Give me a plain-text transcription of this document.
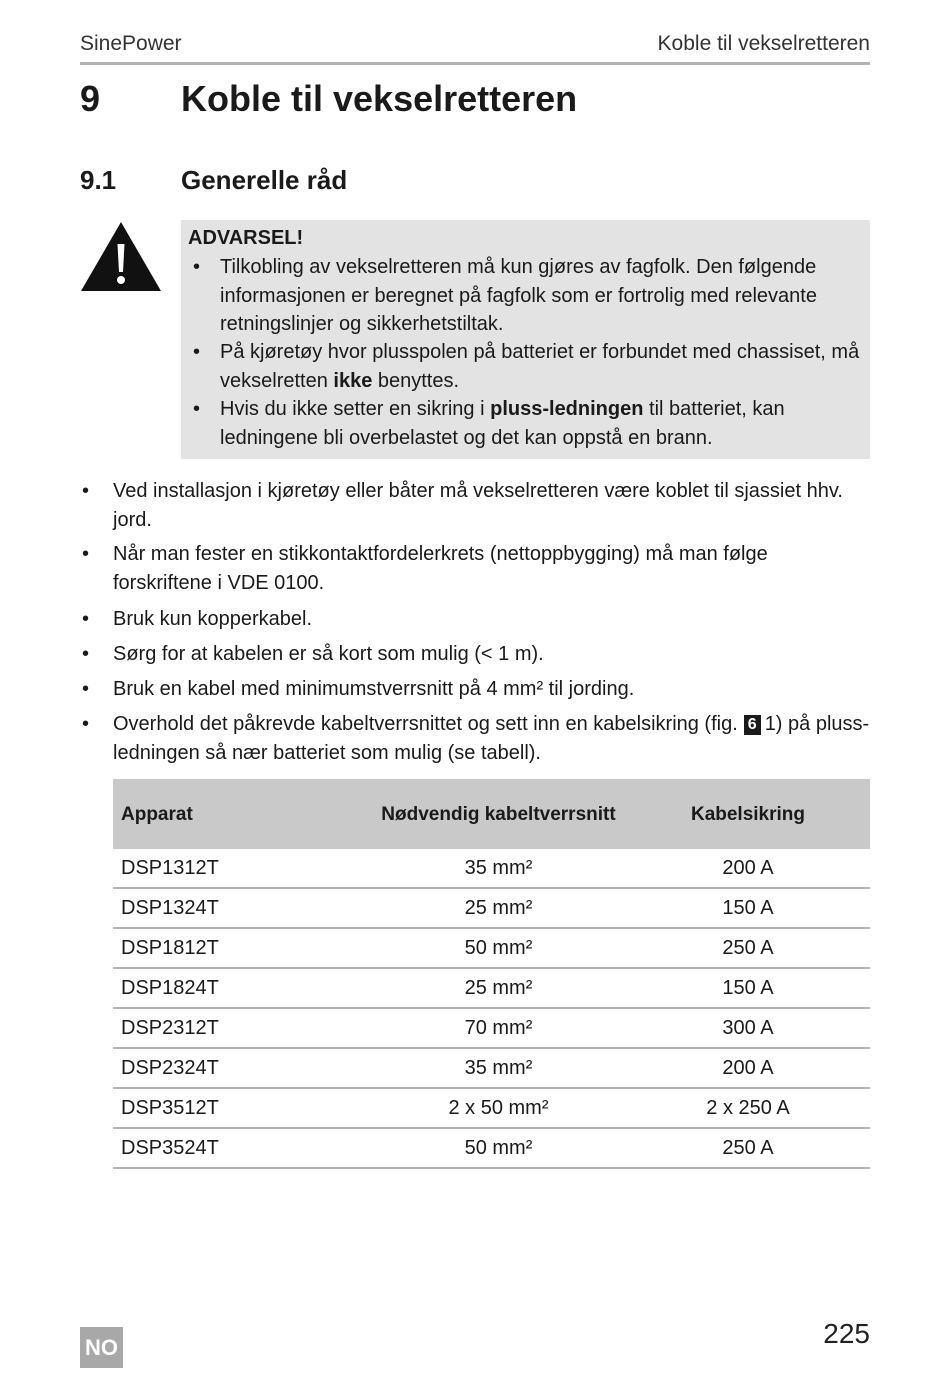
SinePower	Koble til vekselretteren
9 Koble til vekselretteren
9.1 Generelle råd
ADVARSEL!
• Tilkobling av vekselretteren må kun gjøres av fagfolk. Den følgende informasjonen er beregnet på fagfolk som er fortrolig med relevante retningslinjer og sikkerhetstiltak.
• På kjøretøy hvor plusspolen på batteriet er forbundet med chassiset, må vekselretten ikke benyttes.
• Hvis du ikke setter en sikring i pluss-ledningen til batteriet, kan ledningene bli overbelastet og det kan oppstå en brann.
• Ved installasjon i kjøretøy eller båter må vekselretteren være koblet til sjassiet hhv. jord.
• Når man fester en stikkontaktfordelerkrets (nettoppbygging) må man følge forskriftene i VDE 0100.
• Bruk kun kopperkabel.
• Sørg for at kabelen er så kort som mulig (< 1 m).
• Bruk en kabel med minimumstverrsnitt på 4 mm² til jording.
• Overhold det påkrevde kabeltverrsnittet og sett inn en kabelsikring (fig. 6 1) på pluss-ledningen så nær batteriet som mulig (se tabell).
Apparat	Nødvendig kabeltverrsnitt	Kabelsikring
DSP1312T	35 mm²	200 A
DSP1324T	25 mm²	150 A
DSP1812T	50 mm²	250 A
DSP1824T	25 mm²	150 A
DSP2312T	70 mm²	300 A
DSP2324T	35 mm²	200 A
DSP3512T	2 x 50 mm²	2 x 250 A
DSP3524T	50 mm²	250 A
225
NO
